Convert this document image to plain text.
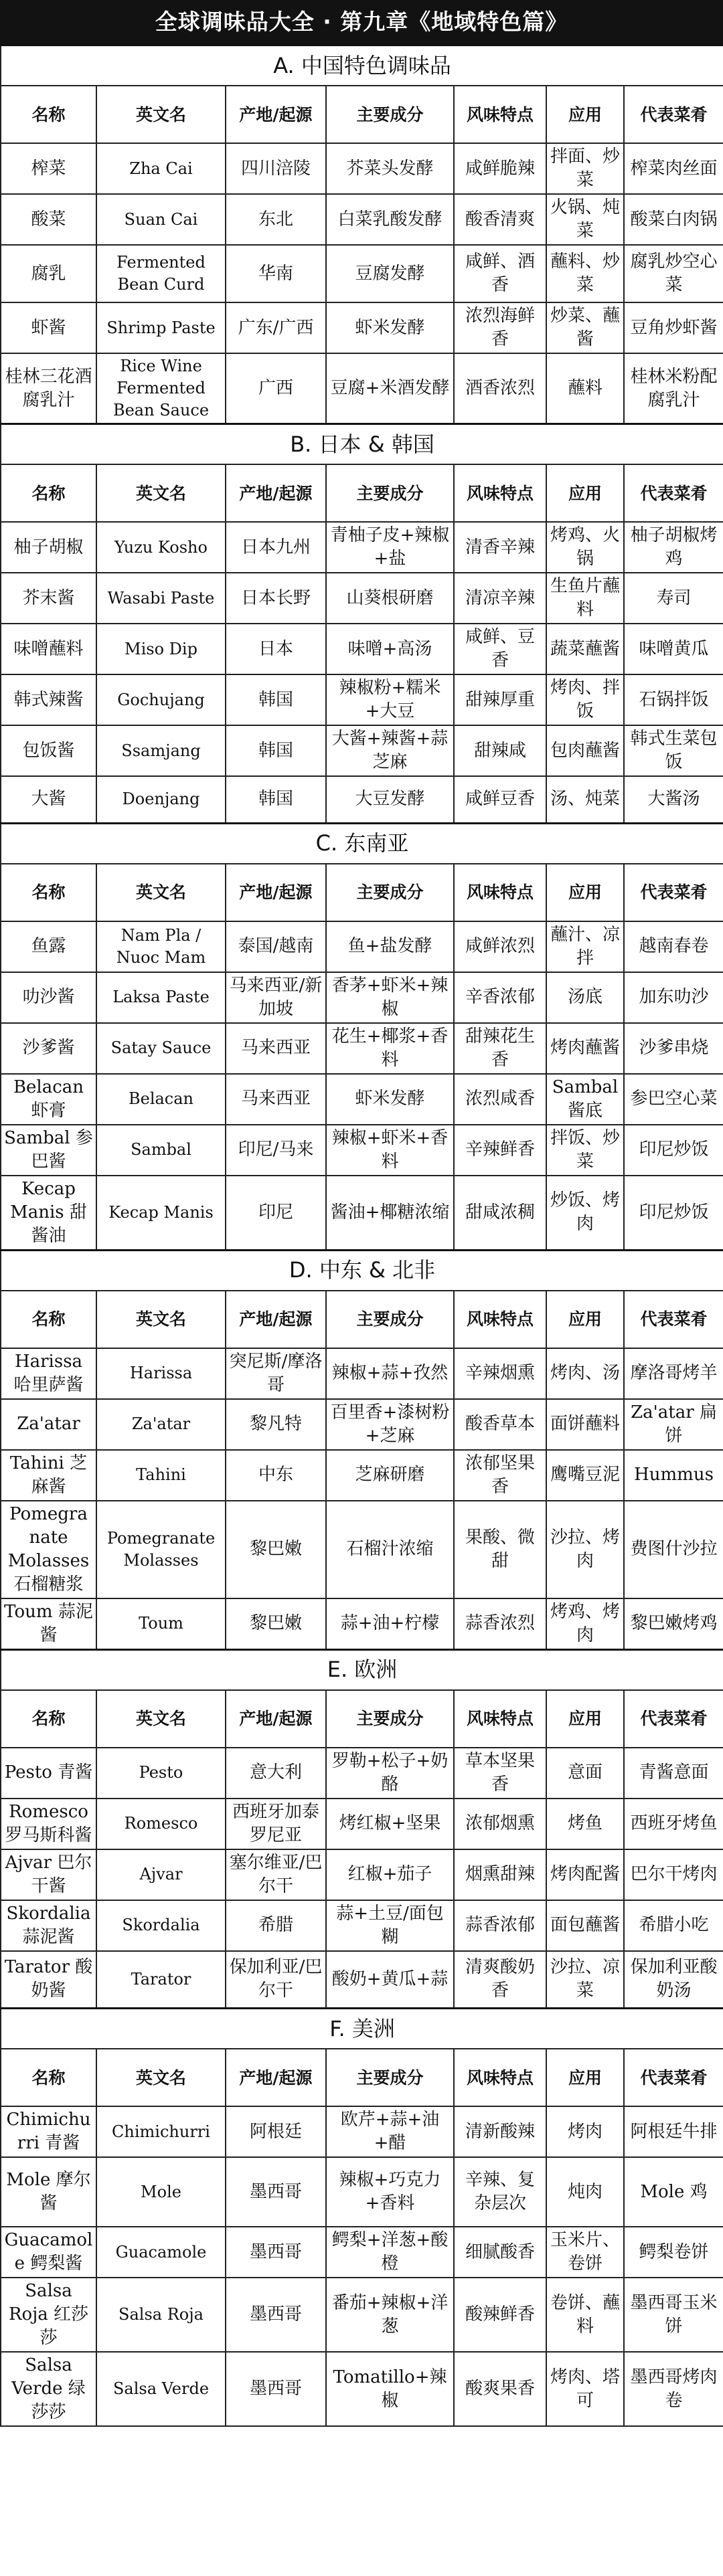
全球调味品大全 · 第九章《地域特色篇》
A. 中国特色调味品						
名称	英文名	产地/起源	主要成分	风味特点	应用	代表菜肴
榨菜	Zha Cai	四川涪陵	芥菜头发酵	咸鲜脆辣	拌面、炒菜	榨菜肉丝面
酸菜	Suan Cai	东北	白菜乳酸发酵	酸香清爽	火锅、炖菜	酸菜白肉锅
腐乳	Fermented Bean Curd	华南	豆腐发酵	咸鲜、酒香	蘸料、炒菜	腐乳炒空心菜
虾酱	Shrimp Paste	广东/广西	虾米发酵	浓烈海鲜香	炒菜、蘸酱	豆角炒虾酱
桂林三花酒腐乳汁	Rice Wine Fermented Bean Sauce	广西	豆腐+米酒发酵	酒香浓烈	蘸料	桂林米粉配腐乳汁
B. 日本 & 韩国						
名称	英文名	产地/起源	主要成分	风味特点	应用	代表菜肴
柚子胡椒	Yuzu Kosho	日本九州	青柚子皮+辣椒+盐	清香辛辣	烤鸡、火锅	柚子胡椒烤鸡
芥末酱	Wasabi Paste	日本长野	山葵根研磨	清凉辛辣	生鱼片蘸料	寿司
味噌蘸料	Miso Dip	日本	味噌+高汤	咸鲜、豆香	蔬菜蘸酱	味噌黄瓜
韩式辣酱	Gochujang	韩国	辣椒粉+糯米+大豆	甜辣厚重	烤肉、拌饭	石锅拌饭
包饭酱	Ssamjang	韩国	大酱+辣酱+蒜芝麻	甜辣咸	包肉蘸酱	韩式生菜包饭
大酱	Doenjang	韩国	大豆发酵	咸鲜豆香	汤、炖菜	大酱汤
C. 东南亚						
名称	英文名	产地/起源	主要成分	风味特点	应用	代表菜肴
鱼露	Nam Pla / Nuoc Mam	泰国/越南	鱼+盐发酵	咸鲜浓烈	蘸汁、凉拌	越南春卷
叻沙酱	Laksa Paste	马来西亚/新加坡	香茅+虾米+辣椒	辛香浓郁	汤底	加东叻沙
沙爹酱	Satay Sauce	马来西亚	花生+椰浆+香料	甜辣花生香	烤肉蘸酱	沙爹串烧
Belacan 虾膏	Belacan	马来西亚	虾米发酵	浓烈咸香	Sambal 酱底	参巴空心菜
Sambal 参巴酱	Sambal	印尼/马来	辣椒+虾米+香料	辛辣鲜香	拌饭、炒菜	印尼炒饭
Kecap Manis 甜酱油	Kecap Manis	印尼	酱油+椰糖浓缩	甜咸浓稠	炒饭、烤肉	印尼炒饭
D. 中东 & 北非						
名称	英文名	产地/起源	主要成分	风味特点	应用	代表菜肴
Harissa 哈里萨酱	Harissa	突尼斯/摩洛哥	辣椒+蒜+孜然	辛辣烟熏	烤肉、汤	摩洛哥烤羊
Za'atar	Za'atar	黎凡特	百里香+漆树粉+芝麻	酸香草本	面饼蘸料	Za'atar 扁饼
Tahini 芝麻酱	Tahini	中东	芝麻研磨	浓郁坚果香	鹰嘴豆泥	Hummus
Pomegranate Molasses 石榴糖浆	Pomegranate Molasses	黎巴嫩	石榴汁浓缩	果酸、微甜	沙拉、烤肉	费图什沙拉
Toum 蒜泥酱	Toum	黎巴嫩	蒜+油+柠檬	蒜香浓烈	烤鸡、烤肉	黎巴嫩烤鸡
E. 欧洲						
名称	英文名	产地/起源	主要成分	风味特点	应用	代表菜肴
Pesto 青酱	Pesto	意大利	罗勒+松子+奶酪	草本坚果香	意面	青酱意面
Romesco 罗马斯科酱	Romesco	西班牙加泰罗尼亚	烤红椒+坚果	浓郁烟熏	烤鱼	西班牙烤鱼
Ajvar 巴尔干酱	Ajvar	塞尔维亚/巴尔干	红椒+茄子	烟熏甜辣	烤肉配酱	巴尔干烤肉
Skordalia 蒜泥酱	Skordalia	希腊	蒜+土豆/面包糊	蒜香浓郁	面包蘸酱	希腊小吃
Tarator 酸奶酱	Tarator	保加利亚/巴尔干	酸奶+黄瓜+蒜	清爽酸奶香	沙拉、凉菜	保加利亚酸奶汤
F. 美洲						
名称	英文名	产地/起源	主要成分	风味特点	应用	代表菜肴
Chimichurri 青酱	Chimichurri	阿根廷	欧芹+蒜+油+醋	清新酸辣	烤肉	阿根廷牛排
Mole 摩尔酱	Mole	墨西哥	辣椒+巧克力+香料	辛辣、复杂层次	炖肉	Mole 鸡
Guacamole 鳄梨酱	Guacamole	墨西哥	鳄梨+洋葱+酸橙	细腻酸香	玉米片、卷饼	鳄梨卷饼
Salsa Roja 红莎莎	Salsa Roja	墨西哥	番茄+辣椒+洋葱	酸辣鲜香	卷饼、蘸料	墨西哥玉米饼
Salsa Verde 绿莎莎	Salsa Verde	墨西哥	Tomatillo+辣椒	酸爽果香	烤肉、塔可	墨西哥烤肉卷
